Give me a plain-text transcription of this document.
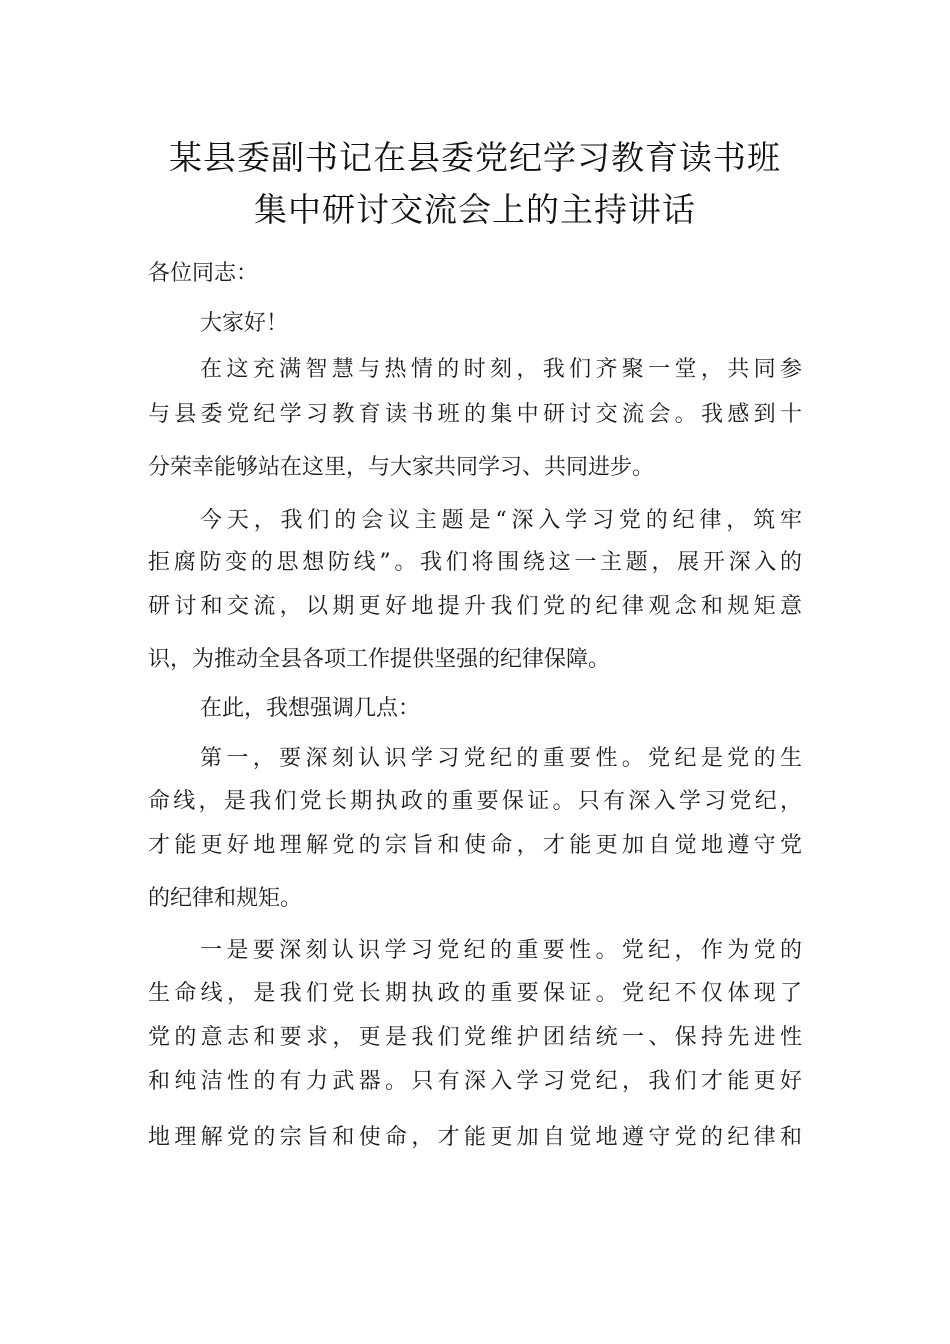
某县委副书记在县委党纪学习教育读书班
集中研讨交流会上的主持讲话
各位同志：
大家好！
在这充满智慧与热情的时刻，我们齐聚一堂，共同参
与县委党纪学习教育读书班的集中研讨交流会。我感到十
分荣幸能够站在这里，与大家共同学习、共同进步。
今天，我们的会议主题是“深入学习党的纪律，筑牢
拒腐防变的思想防线”。我们将围绕这一主题，展开深入的
研讨和交流，以期更好地提升我们党的纪律观念和规矩意
识，为推动全县各项工作提供坚强的纪律保障。
在此，我想强调几点：
第一，要深刻认识学习党纪的重要性。党纪是党的生
命线，是我们党长期执政的重要保证。只有深入学习党纪，
才能更好地理解党的宗旨和使命，才能更加自觉地遵守党
的纪律和规矩。
一是要深刻认识学习党纪的重要性。党纪，作为党的
生命线，是我们党长期执政的重要保证。党纪不仅体现了
党的意志和要求，更是我们党维护团结统一、保持先进性
和纯洁性的有力武器。只有深入学习党纪，我们才能更好
地理解党的宗旨和使命，才能更加自觉地遵守党的纪律和
